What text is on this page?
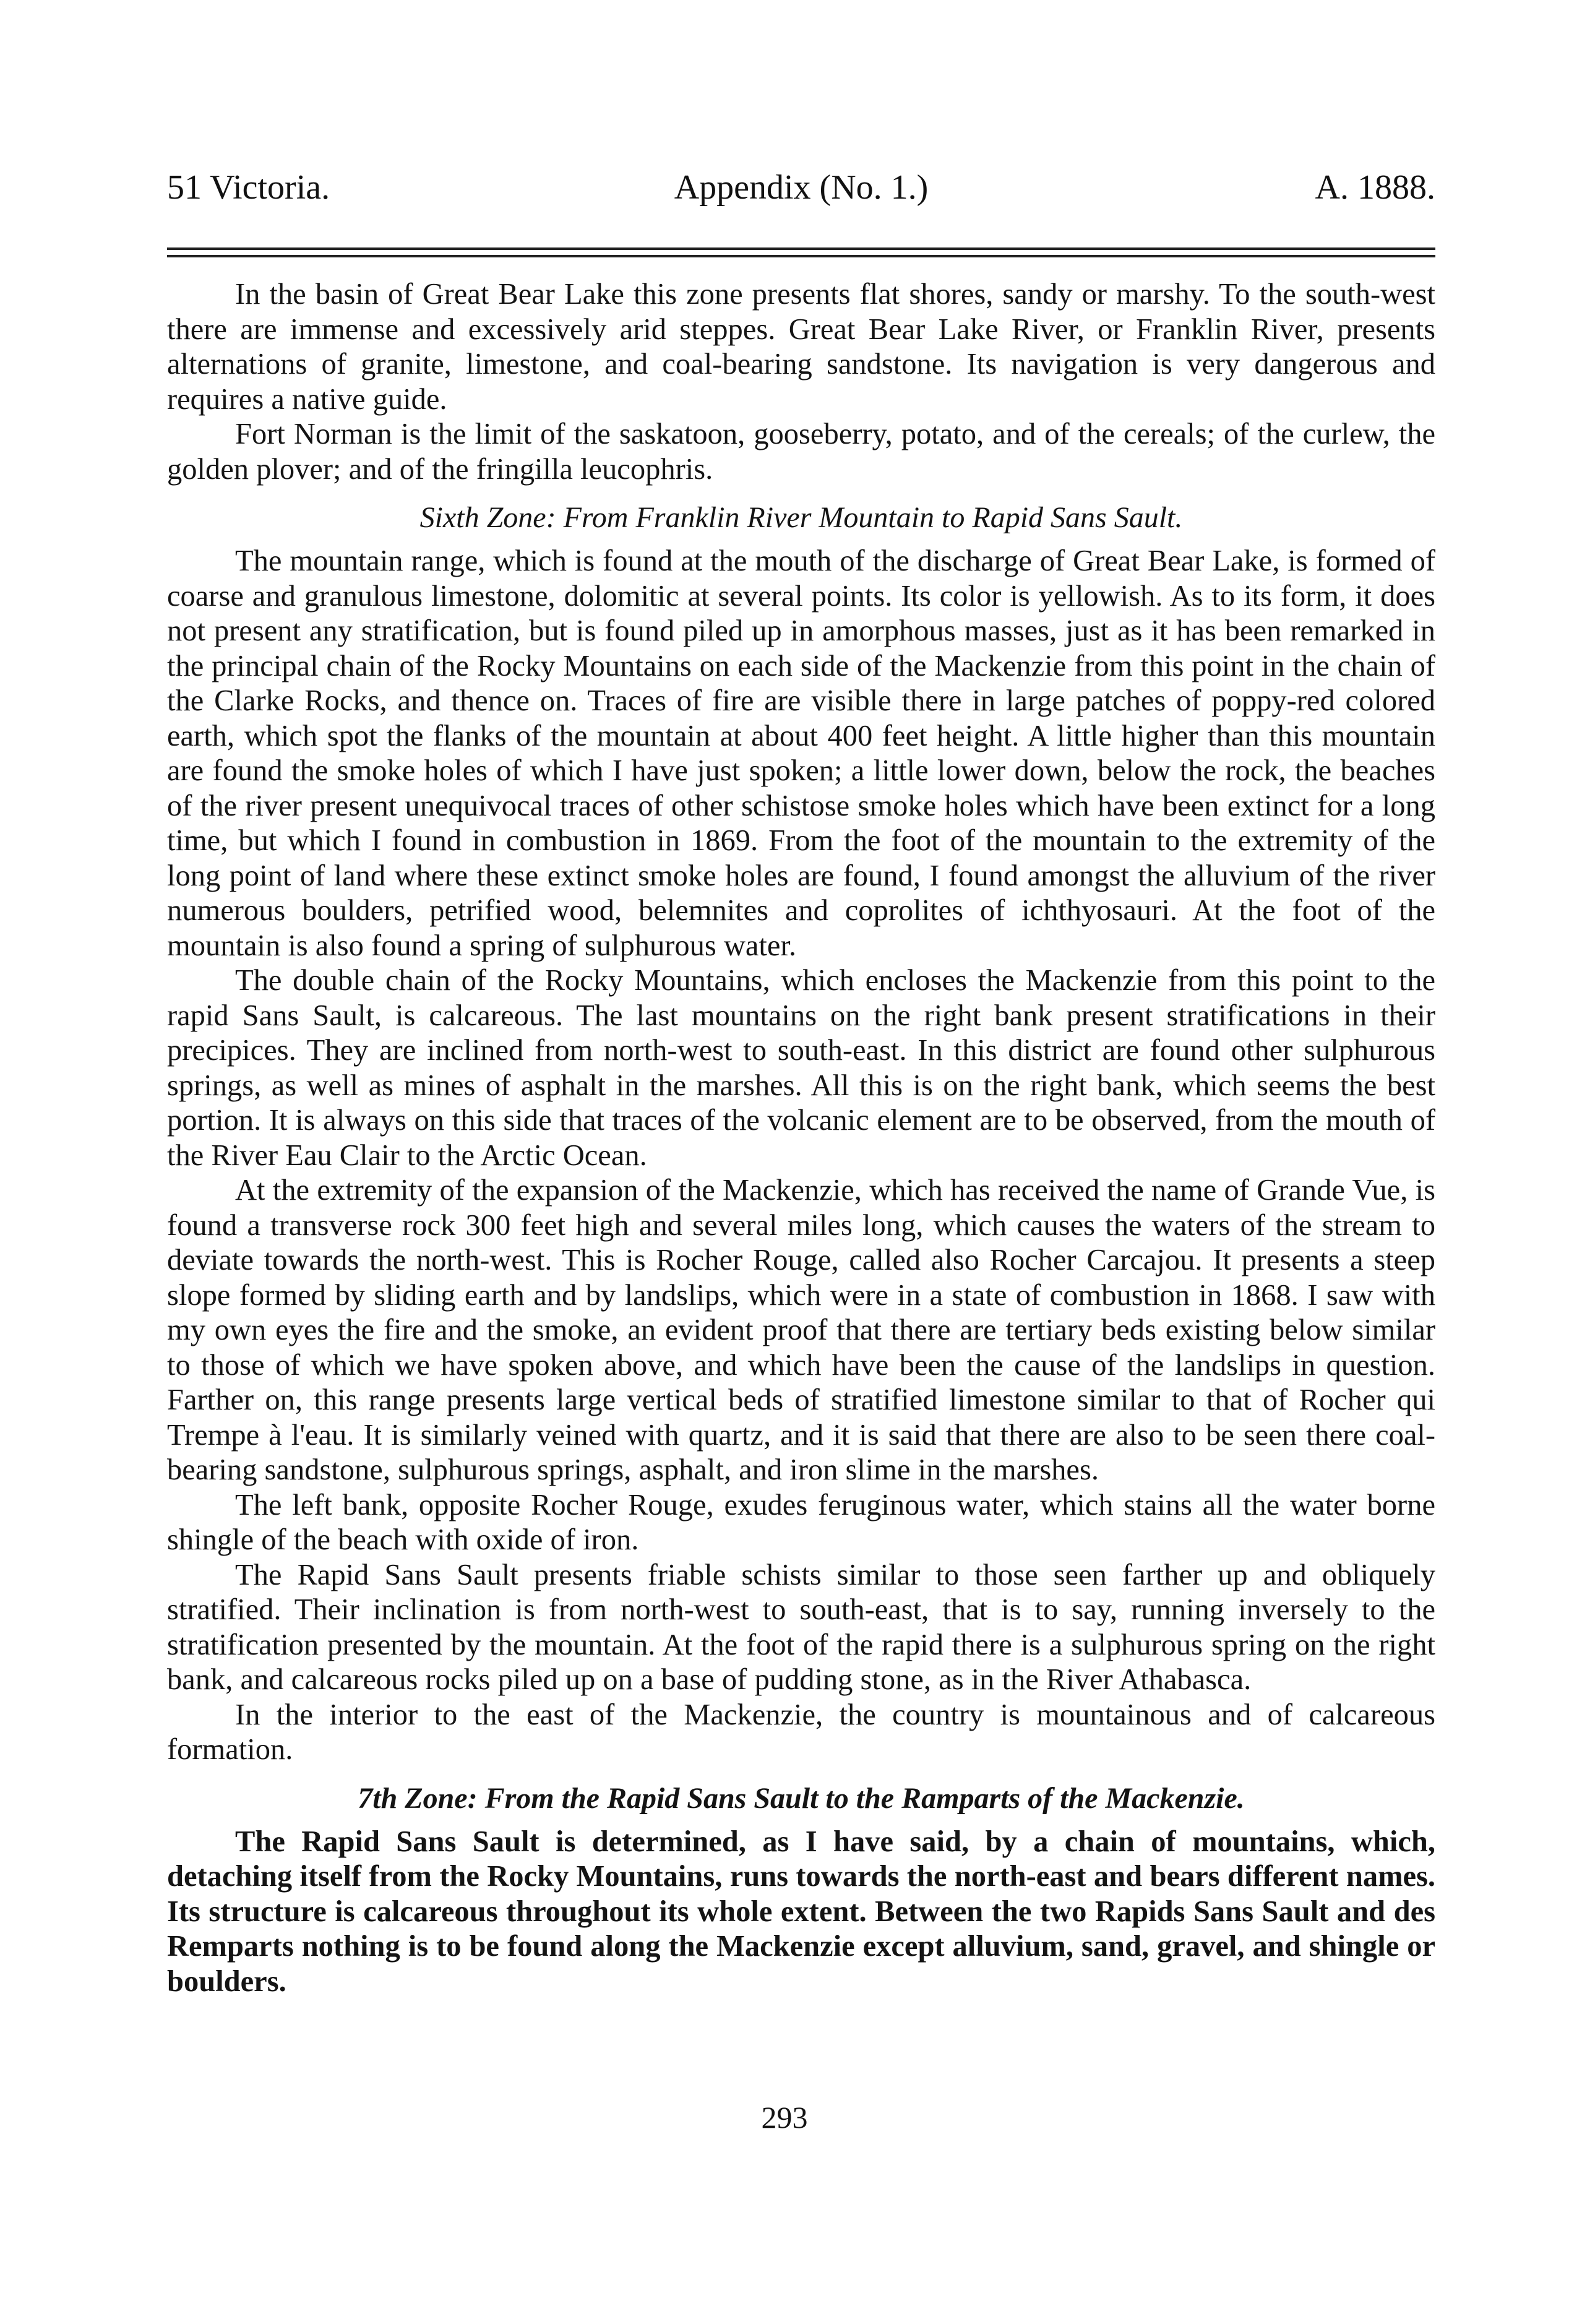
51 Victoria.	Appendix (No. 1.)	A. 1888.

In the basin of Great Bear Lake this zone presents flat shores, sandy or marshy. To the south-west there are immense and excessively arid steppes. Great Bear Lake River, or Franklin River, presents alternations of granite, limestone, and coal-bearing sandstone. Its navigation is very dangerous and requires a native guide.

Fort Norman is the limit of the saskatoon, gooseberry, potato, and of the cereals; of the curlew, the golden plover; and of the fringilla leucophris.

Sixth Zone: From Franklin River Mountain to Rapid Sans Sault.

The mountain range, which is found at the mouth of the discharge of Great Bear Lake, is formed of coarse and granulous limestone, dolomitic at several points. Its color is yellowish. As to its form, it does not present any stratification, but is found piled up in amorphous masses, just as it has been remarked in the principal chain of the Rocky Mountains on each side of the Mackenzie from this point in the chain of the Clarke Rocks, and thence on. Traces of fire are visible there in large patches of poppy-red colored earth, which spot the flanks of the mountain at about 400 feet height. A little higher than this mountain are found the smoke holes of which I have just spoken; a little lower down, below the rock, the beaches of the river present unequivocal traces of other schistose smoke holes which have been extinct for a long time, but which I found in combustion in 1869. From the foot of the mountain to the extremity of the long point of land where these extinct smoke holes are found, I found amongst the alluvium of the river numerous boulders, petrified wood, belemnites and coprolites of ichthyosauri. At the foot of the mountain is also found a spring of sulphurous water.

The double chain of the Rocky Mountains, which encloses the Mackenzie from this point to the rapid Sans Sault, is calcareous. The last mountains on the right bank present stratifications in their precipices. They are inclined from north-west to south-east. In this district are found other sulphurous springs, as well as mines of asphalt in the marshes. All this is on the right bank, which seems the best portion. It is always on this side that traces of the volcanic element are to be observed, from the mouth of the River Eau Clair to the Arctic Ocean.

At the extremity of the expansion of the Mackenzie, which has received the name of Grande Vue, is found a transverse rock 300 feet high and several miles long, which causes the waters of the stream to deviate towards the north-west. This is Rocher Rouge, called also Rocher Carcajou. It presents a steep slope formed by sliding earth and by landslips, which were in a state of combustion in 1868. I saw with my own eyes the fire and the smoke, an evident proof that there are tertiary beds existing below similar to those of which we have spoken above, and which have been the cause of the landslips in question. Farther on, this range presents large vertical beds of stratified limestone similar to that of Rocher qui Trempe à l'eau. It is similarly veined with quartz, and it is said that there are also to be seen there coal-bearing sandstone, sulphurous springs, asphalt, and iron slime in the marshes.

The left bank, opposite Rocher Rouge, exudes feruginous water, which stains all the water borne shingle of the beach with oxide of iron.

The Rapid Sans Sault presents friable schists similar to those seen farther up and obliquely stratified. Their inclination is from north-west to south-east, that is to say, running inversely to the stratification presented by the mountain. At the foot of the rapid there is a sulphurous spring on the right bank, and calcareous rocks piled up on a base of pudding stone, as in the River Athabasca.

In the interior to the east of the Mackenzie, the country is mountainous and of calcareous formation.

7th Zone: From the Rapid Sans Sault to the Ramparts of the Mackenzie.

The Rapid Sans Sault is determined, as I have said, by a chain of mountains, which, detaching itself from the Rocky Mountains, runs towards the north-east and bears different names. Its structure is calcareous throughout its whole extent. Between the two Rapids Sans Sault and des Remparts nothing is to be found along the Mackenzie except alluvium, sand, gravel, and shingle or boulders.

293
